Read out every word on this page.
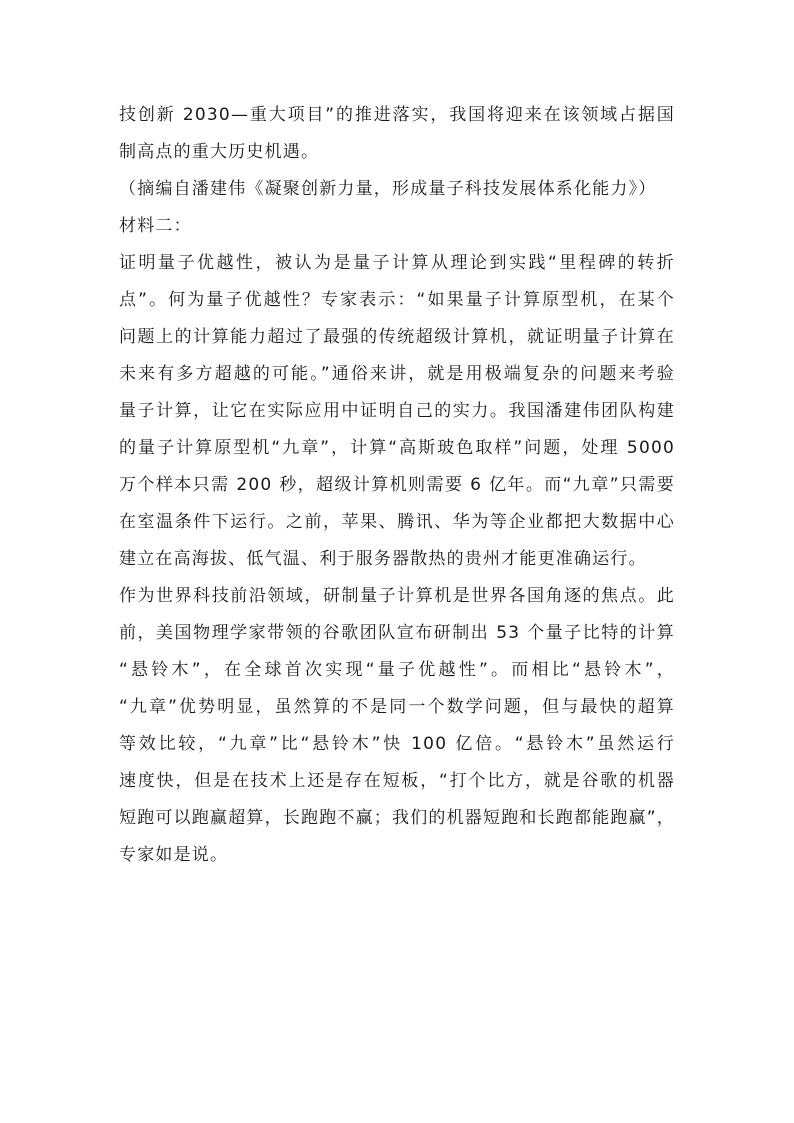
技创新 2030—重大项目”的推进落实，我国将迎来在该领域占据国
制高点的重大历史机遇。
（摘编自潘建伟《凝聚创新力量，形成量子科技发展体系化能力》）
材料二：
证明量子优越性，被认为是量子计算从理论到实践“里程碑的转折
点”。何为量子优越性？专家表示：“如果量子计算原型机，在某个
问题上的计算能力超过了最强的传统超级计算机，就证明量子计算在
未来有多方超越的可能。”通俗来讲，就是用极端复杂的问题来考验
量子计算，让它在实际应用中证明自己的实力。我国潘建伟团队构建
的量子计算原型机“九章”，计算“高斯玻色取样”问题，处理 5000
万个样本只需 200 秒，超级计算机则需要 6 亿年。而“九章”只需要
在室温条件下运行。之前，苹果、腾讯、华为等企业都把大数据中心
建立在高海拔、低气温、利于服务器散热的贵州才能更准确运行。
作为世界科技前沿领域，研制量子计算机是世界各国角逐的焦点。此
前，美国物理学家带领的谷歌团队宣布研制出 53 个量子比特的计算
“悬铃木”，在全球首次实现“量子优越性”。而相比“悬铃木”，
“九章”优势明显，虽然算的不是同一个数学问题，但与最快的超算
等效比较，“九章”比“悬铃木”快 100 亿倍。“悬铃木”虽然运行
速度快，但是在技术上还是存在短板，“打个比方，就是谷歌的机器
短跑可以跑赢超算，长跑跑不赢；我们的机器短跑和长跑都能跑赢”，
专家如是说。
